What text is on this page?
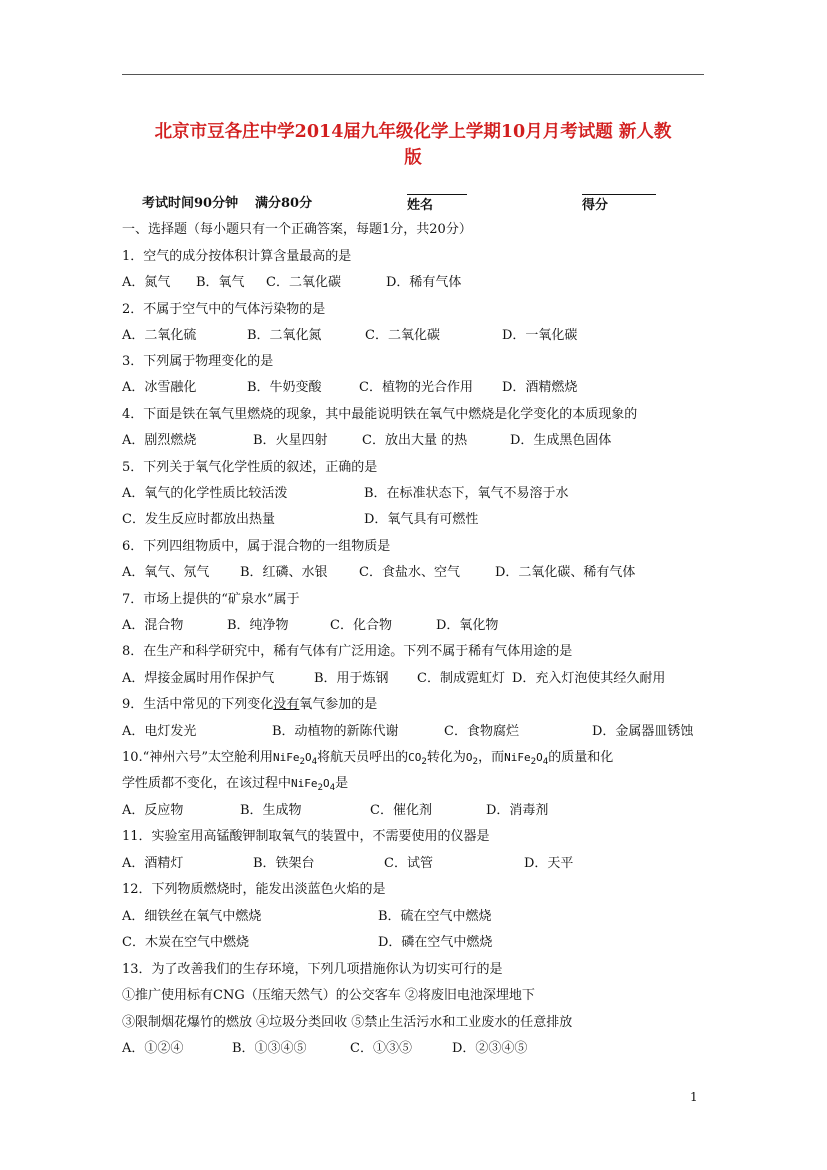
北京市豆各庄中学2014届九年级化学上学期10月月考试题 新人教
版
考试时间90分钟 满分80分	姓名	得分
一、选择题（每小题只有一个正确答案，每题1分，共20分）
1．空气的成分按体积计算含量最高的是
A．氮气 B．氧气 C．二氧化碳	D．稀有气体
2．不属于空气中的气体污染物的是
A．二氧化硫	B．二氧化氮	C．二氧化碳	D．一氧化碳
3．下列属于物理变化的是
A．冰雪融化	B．牛奶变酸	C．植物的光合作用 D．酒精燃烧
4．下面是铁在氧气里燃烧的现象，其中最能说明铁在氧气中燃烧是化学变化的本质现象的
A．剧烈燃烧	B．火星四射	C．放出大量 的热	D．生成黑色固体
5．下列关于氧气化学性质的叙述，正确的是
A．氧气的化学性质比较活泼	B．在标准状态下，氧气不易溶于水
C．发生反应时都放出热量	D．氧气具有可燃性
6．下列四组物质中，属于混合物的一组物质是
A．氧气、氖气 B．红磷、水银 C．食盐水、空气	D．二氧化碳、稀有气体
7．市场上提供的“矿泉水”属于
A．混合物	B．纯净物	C．化合物	D．氧化物
8．在生产和科学研究中，稀有气体有广泛用途。下列不属于稀有气体用途的是
A．焊接金属时用作保护气	B．用于炼钢 C．制成霓虹灯 D．充入灯泡使其经久耐用
9．生活中常见的下列变化没有氧气参加的是
A．电灯发光	B．动植物的新陈代谢	C．食物腐烂	D．金属器皿锈蚀
10.“神州六号”太空舱利用$NiFe_2O_4$将航天员呼出的$CO_2$转化为$O_2$，而$NiFe_2O_4$的质量和化
学性质都不变化，在该过程中$NiFe_2O_4$是
A．反应物	B．生成物	C．催化剂	D．消毒剂
11．实验室用高锰酸钾制取氧气的装置中，不需要使用的仪器是
A．酒精灯	B．铁架台	C．试管	D．天平
12．下列物质燃烧时，能发出淡蓝色火焰的是
A．细铁丝在氧气中燃烧	B．硫在空气中燃烧
C．木炭在空气中燃烧	D．磷在空气中燃烧
13．为了改善我们的生存环境，下列几项措施你认为切实可行的是
①推广使用标有CNG（压缩天然气）的公交客车 ②将废旧电池深埋地下
③限制烟花爆竹的燃放 ④垃圾分类回收 ⑤禁止生活污水和工业废水的任意排放
A．①②④	B．①③④⑤	C．①③⑤	D．②③④⑤
1
